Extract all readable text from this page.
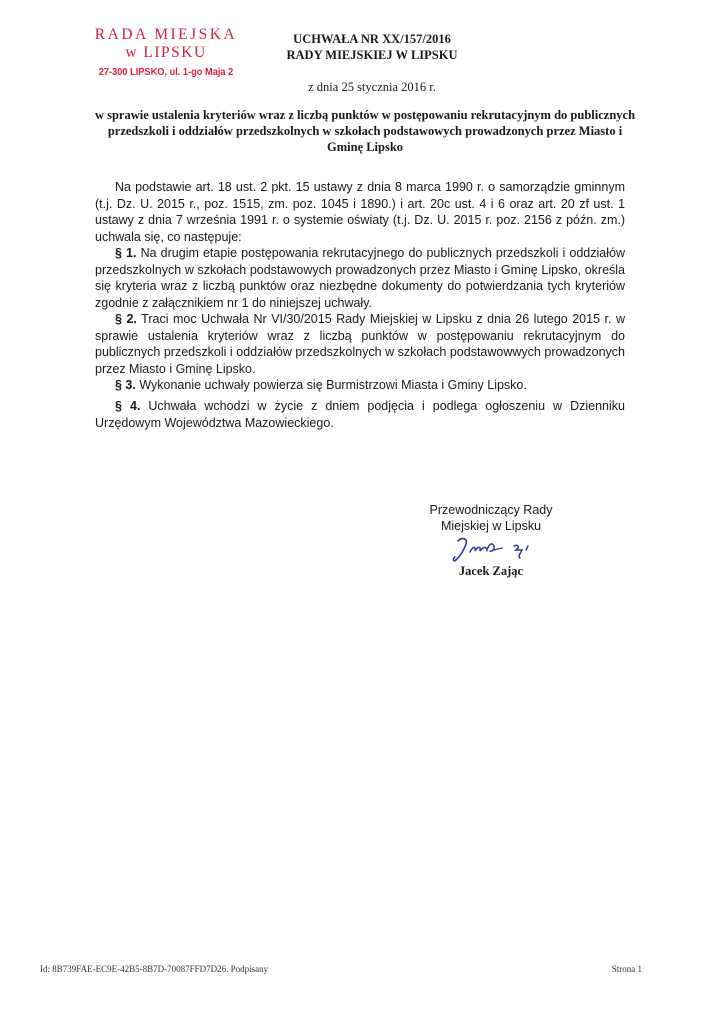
RADA MIEJSKA
w LIPSKU
27-300 LIPSKO, ul. 1-go Maja 2
UCHWAŁA NR XX/157/2016
RADY MIEJSKIEJ W LIPSKU
z dnia 25 stycznia 2016 r.
w sprawie ustalenia kryteriów wraz z liczbą punktów w postępowaniu rekrutacyjnym do publicznych przedszkoli i oddziałów przedszkolnych w szkołach podstawowych prowadzonych przez Miasto i Gminę Lipsko

Na podstawie art. 18 ust. 2 pkt. 15 ustawy z dnia 8 marca 1990 r. o samorządzie gminnym (t.j. Dz. U. 2015 r., poz. 1515, zm. poz. 1045 i 1890.) i art. 20c ust. 4 i 6 oraz art. 20 zf ust. 1 ustawy z dnia 7 września 1991 r. o systemie oświaty (t.j. Dz. U. 2015 r. poz. 2156 z późn. zm.) uchwala się, co następuje:

§ 1. Na drugim etapie postępowania rekrutacyjnego do publicznych przedszkoli i oddziałów przedszkolnych w szkołach podstawowych prowadzonych przez Miasto i Gminę Lipsko, określa się kryteria wraz z liczbą punktów oraz niezbędne dokumenty do potwierdzania tych kryteriów zgodnie z załącznikiem nr 1 do niniejszej uchwały.

§ 2. Traci moc Uchwała Nr VI/30/2015 Rady Miejskiej w Lipsku z dnia 26 lutego 2015 r. w sprawie ustalenia kryteriów wraz z liczbą punktów w postępowaniu rekrutacyjnym do publicznych przedszkoli i oddziałów przedszkolnych w szkołach podstawowwych prowadzonych przez Miasto i Gminę Lipsko.

§ 3. Wykonanie uchwały powierza się Burmistrzowi Miasta i Gminy Lipsko.

§ 4. Uchwała wchodzi w życie z dniem podjęcia i podlega ogłoszeniu w Dzienniku Urzędowym Województwa Mazowieckiego.

Przewodniczący Rady
Miejskiej w Lipsku
Jacek Zając
Id: 8B739FAE-EC9E-42B5-8B7D-70087FFD7D26. Podpisany	Strona 1
